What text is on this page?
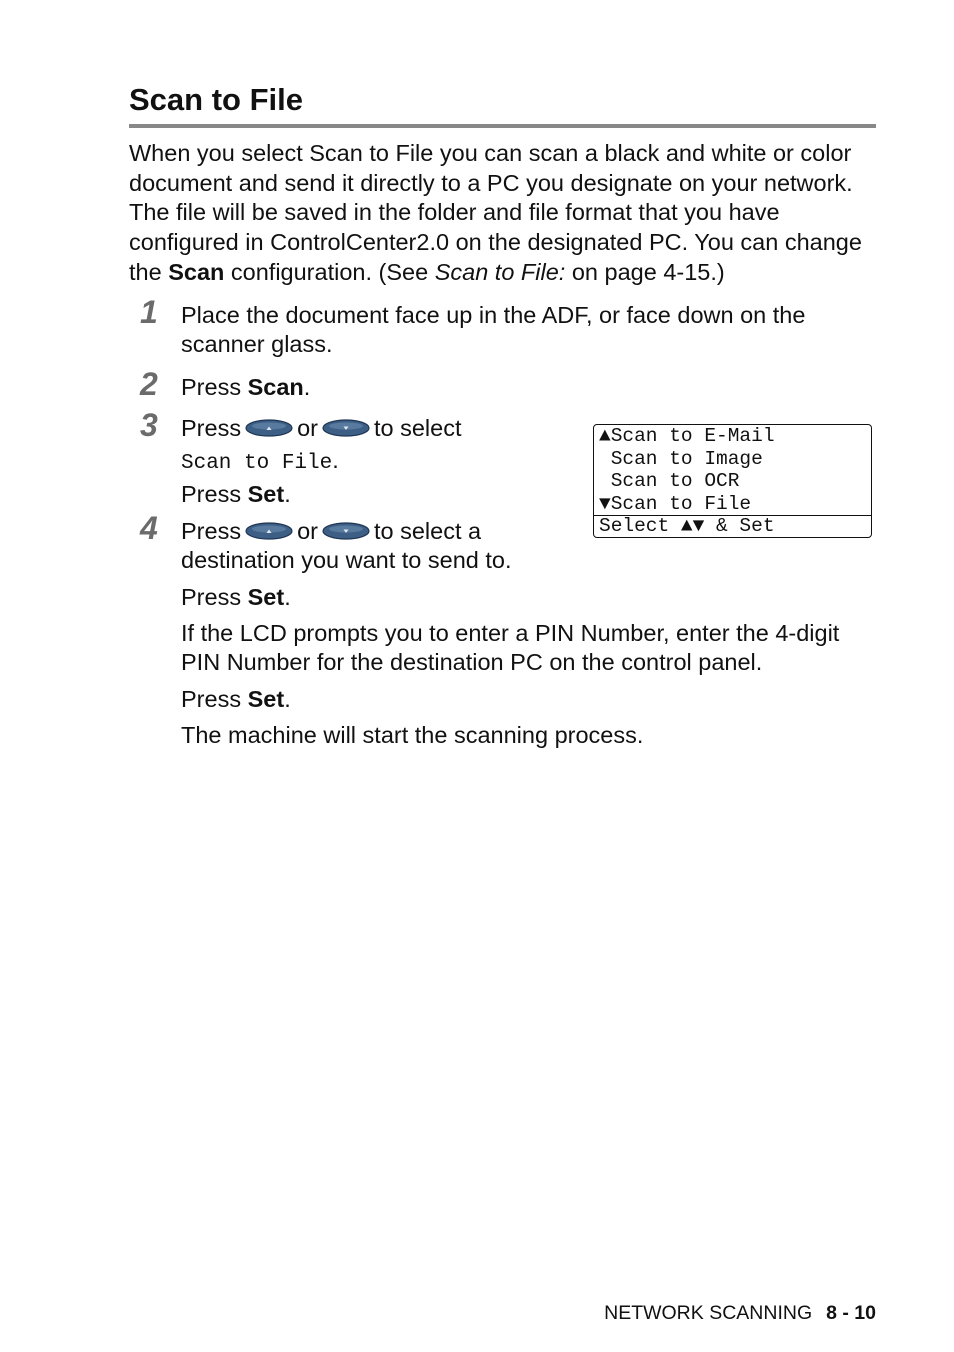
Scan to File

When you select Scan to File you can scan a black and white or color document and send it directly to a PC you designate on your network. The file will be saved in the folder and file format that you have configured in ControlCenter2.0 on the designated PC. You can change the Scan configuration. (See Scan to File: on page 4-15.)

1 Place the document face up in the ADF, or face down on the
scanner glass.
2 Press Scan.
3 Press or to select
Scan to File.
Press Set.
4 Press or to select a
destination you want to send to.
Press Set.
If the LCD prompts you to enter a PIN Number, enter the 4-digit
PIN Number for the destination PC on the control panel.
Press Set.
The machine will start the scanning process.
▲Scan to E-Mail
Scan to Image
Scan to OCR
▼Scan to File
Select ▲▼ & Set
NETWORK SCANNING 8 - 10
